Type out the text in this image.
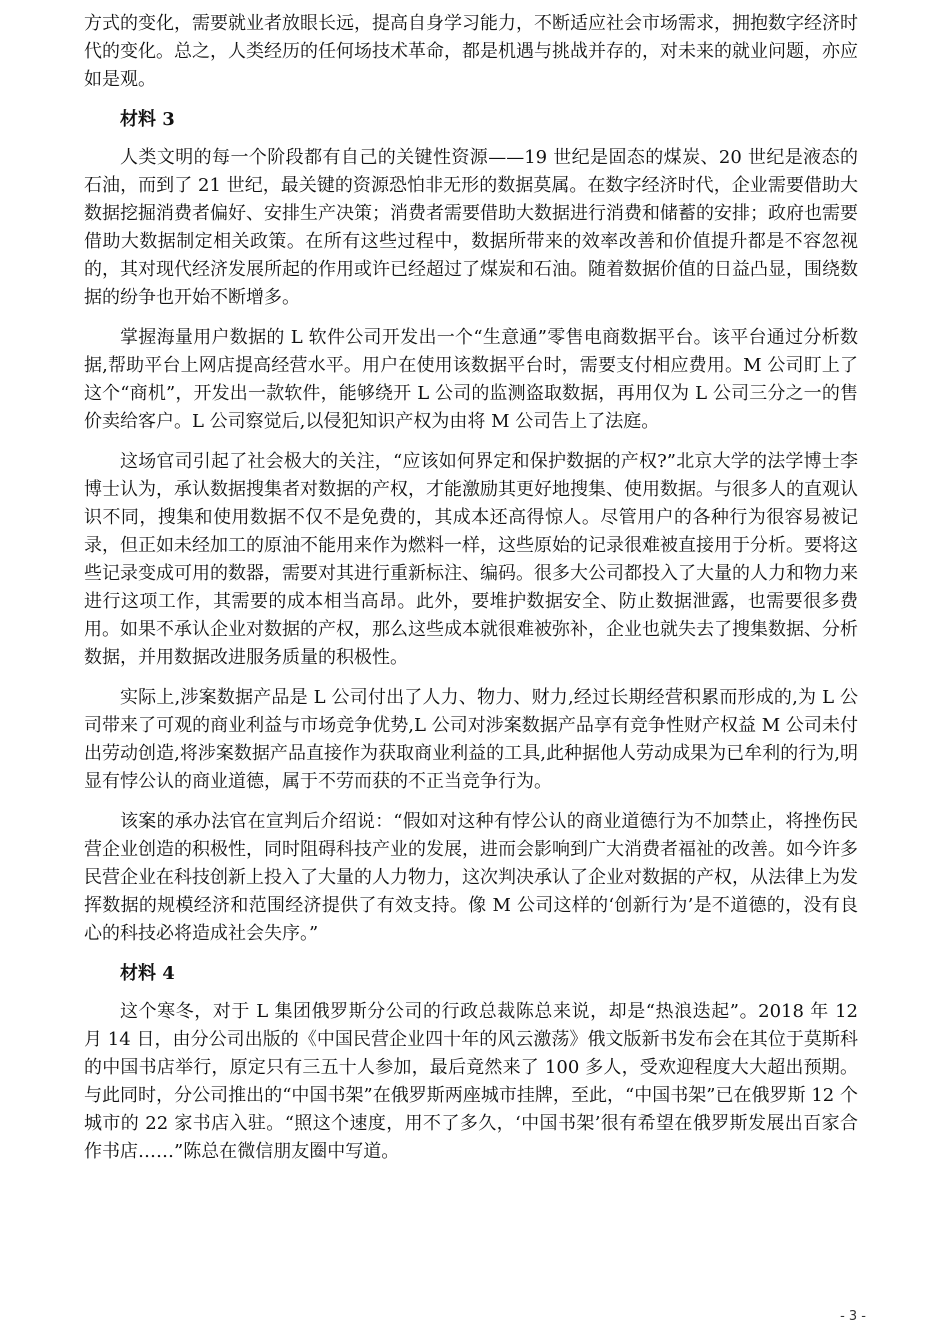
方式的变化，需要就业者放眼长远，提高自身学习能力，不断适应社会市场需求，拥抱数字经济时代的变化。总之，人类经历的任何场技术革命，都是机遇与挑战并存的，对未来的就业问题，亦应如是观。

材料 3

人类文明的每一个阶段都有自己的关键性资源——19 世纪是固态的煤炭、20 世纪是液态的石油，而到了 21 世纪，最关键的资源恐怕非无形的数据莫属。在数字经济时代，企业需要借助大数据挖掘消费者偏好、安排生产决策；消费者需要借助大数据进行消费和储蓄的安排；政府也需要借助大数据制定相关政策。在所有这些过程中，数据所带来的效率改善和价值提升都是不容忽视的，其对现代经济发展所起的作用或许已经超过了煤炭和石油。随着数据价值的日益凸显，围绕数据的纷争也开始不断增多。

掌握海量用户数据的 L 软件公司开发出一个“生意通”零售电商数据平台。该平台通过分析数据,帮助平台上网店提高经营水平。用户在使用该数据平台时，需要支付相应费用。M 公司盯上了这个“商机”，开发出一款软件，能够绕开 L 公司的监测盗取数据，再用仅为 L 公司三分之一的售价卖给客户。L 公司察觉后,以侵犯知识产权为由将 M 公司告上了法庭。

这场官司引起了社会极大的关注，“应该如何界定和保护数据的产权?”北京大学的法学博士李博士认为，承认数据搜集者对数据的产权，才能激励其更好地搜集、使用数据。与很多人的直观认识不同，搜集和使用数据不仅不是免费的，其成本还高得惊人。尽管用户的各种行为很容易被记录，但正如未经加工的原油不能用来作为燃料一样，这些原始的记录很难被直接用于分析。要将这些记录变成可用的数器，需要对其进行重新标注、编码。很多大公司都投入了大量的人力和物力来进行这项工作，其需要的成本相当高昂。此外，要堆护数据安全、防止数据泄露，也需要很多费用。如果不承认企业对数据的产权，那么这些成本就很难被弥补，企业也就失去了搜集数据、分析数据，并用数据改进服务质量的积极性。

实际上,涉案数据产品是 L 公司付出了人力、物力、财力,经过长期经营积累而形成的,为 L 公司带来了可观的商业利益与市场竞争优势,L 公司对涉案数据产品享有竞争性财产权益 M 公司未付出劳动创造,将涉案数据产品直接作为获取商业利益的工具,此种据他人劳动成果为已牟利的行为,明显有悖公认的商业道德，属于不劳而获的不正当竞争行为。

该案的承办法官在宣判后介绍说：“假如对这种有悖公认的商业道德行为不加禁止，将挫伤民营企业创造的积极性，同时阻碍科技产业的发展，进而会影响到广大消费者福祉的改善。如今许多民营企业在科技创新上投入了大量的人力物力，这次判决承认了企业对数据的产权，从法律上为发挥数据的规模经济和范围经济提供了有效支持。像 M 公司这样的‘创新行为’是不道德的，没有良心的科技必将造成社会失序。”

材料 4

这个寒冬，对于 L 集团俄罗斯分公司的行政总裁陈总来说，却是“热浪迭起”。2018 年 12 月 14 日，由分公司出版的《中国民营企业四十年的风云激荡》俄文版新书发布会在其位于莫斯科的中国书店举行，原定只有三五十人参加，最后竟然来了 100 多人，受欢迎程度大大超出预期。与此同时，分公司推出的“中国书架”在俄罗斯两座城市挂牌，至此，“中国书架”已在俄罗斯 12 个城市的 22 家书店入驻。“照这个速度，用不了多久，‘中国书架’很有希望在俄罗斯发展出百家合作书店……”陈总在微信朋友圈中写道。

- 3 -
